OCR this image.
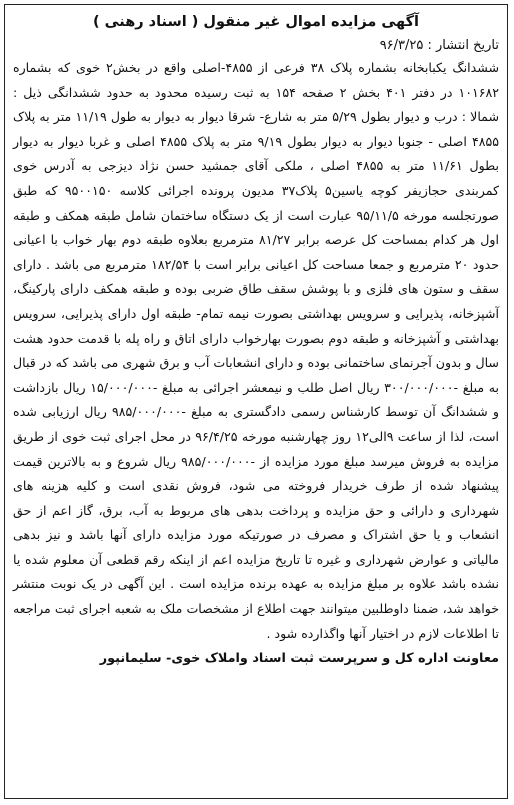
آگهی مزایده اموال غیر منقول ( اسناد رهنی )

تاریخ انتشار : ۹۶/۳/۲۵

ششدانگ یکبابخانه بشماره پلاک ۳۸ فرعی از ۴۸۵۵-اصلی واقع در بخش۲ خوی که بشماره ۱۰۱۶۸۲ در دفتر ۴۰۱ بخش ۲ صفحه ۱۵۴ به ثبت رسیده محدود به حدود ششدانگی ذیل : شمالا : درب و دیوار بطول ۵/۲۹ متر به شارع- شرقا دیوار به دیوار به طول ۱۱/۱۹ متر به پلاک ۴۸۵۵ اصلی - جنوبا دیوار به دیوار بطول ۹/۱۹ متر به پلاک ۴۸۵۵ اصلی و غربا دیوار به دیوار بطول ۱۱/۶۱ متر به ۴۸۵۵ اصلی ، ملکی آقای جمشید حسن نژاد دیزجی به آدرس خوی کمربندی حجازیفر کوچه یاسین۵ پلاک۳۷ مدیون پرونده اجرائی کلاسه ۹۵۰۰۱۵۰ که طبق صورتجلسه مورخه ۹۵/۱۱/۵ عبارت است از یک دستگاه ساختمان شامل طبقه همکف و طبقه اول هر کدام بمساحت کل عرصه برابر ۸۱/۲۷ مترمربع بعلاوه طبقه دوم بهار خواب با اعیانی حدود ۲۰ مترمربع و جمعا مساحت کل اعیانی برابر است با ۱۸۲/۵۴ مترمربع می باشد . دارای سقف و ستون های فلزی و با پوشش سقف طاق ضربی بوده و طبقه همکف دارای پارکینگ، آشپزخانه، پذیرایی و سرویس بهداشتی بصورت نیمه تمام- طبقه اول دارای پذیرایی، سرویس بهداشتی و آشپزخانه و طبقه دوم بصورت بهارخواب دارای اتاق و راه پله با قدمت حدود هشت سال و بدون آجرنمای ساختمانی بوده و دارای انشعابات آب و برق شهری می باشد که در قبال به مبلغ -۳۰۰/۰۰۰/۰۰۰ ریال اصل طلب و نیمعشر اجرائی به مبلغ -۱۵/۰۰۰/۰۰۰ ریال بازداشت و ششدانگ آن توسط کارشناس رسمی دادگستری به مبلغ -۹۸۵/۰۰۰/۰۰۰ ریال ارزیابی شده است، لذا از ساعت ۹الی۱۲ روز چهارشنبه مورخه ۹۶/۴/۲۵ در محل اجرای ثبت خوی از طریق مزایده به فروش میرسد مبلغ مورد مزایده از -۹۸۵/۰۰۰/۰۰۰ ریال شروع و به بالاترین قیمت پیشنهاد شده از طرف خریدار فروخته می شود، فروش نقدی است و کلیه هزینه های شهرداری و دارائی و حق مزایده و پرداخت بدهی های مربوط به آب، برق، گاز اعم از حق انشعاب و یا حق اشتراک و مصرف در صورتیکه مورد مزایده دارای آنها باشد و نیز بدهی مالیاتی و عوارض شهرداری و غیره تا تاریخ مزایده اعم از اینکه رقم قطعی آن معلوم شده یا نشده باشد علاوه بر مبلغ مزایده به عهده برنده مزایده است . این آگهی در یک نوبت منتشر خواهد شد، ضمنا داوطلبین میتوانند جهت اطلاع از مشخصات ملک به شعبه اجرای ثبت مراجعه تا اطلاعات لازم در اختیار آنها واگذارده شود .

معاونت اداره کل و سرپرست ثبت اسناد واملاک خوی- سلیمانپور
